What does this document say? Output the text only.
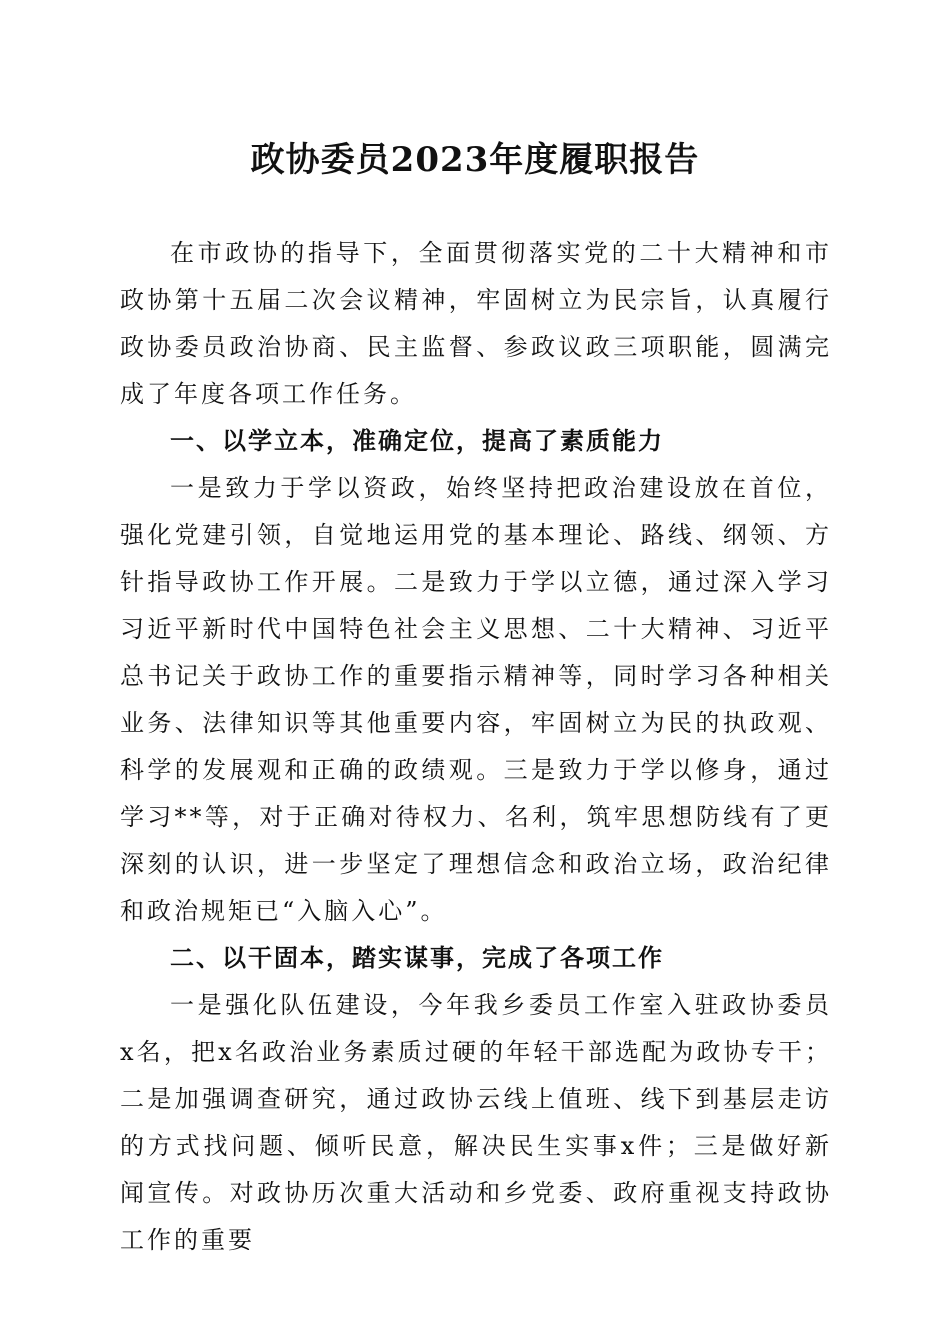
政协委员2023年度履职报告

在市政协的指导下，全面贯彻落实党的二十大精神和市政协第十五届二次会议精神，牢固树立为民宗旨，认真履行政协委员政治协商、民主监督、参政议政三项职能，圆满完成了年度各项工作任务。

一、以学立本，准确定位，提高了素质能力

一是致力于学以资政，始终坚持把政治建设放在首位，强化党建引领，自觉地运用党的基本理论、路线、纲领、方针指导政协工作开展。二是致力于学以立德，通过深入学习习近平新时代中国特色社会主义思想、二十大精神、习近平总书记关于政协工作的重要指示精神等，同时学习各种相关业务、法律知识等其他重要内容，牢固树立为民的执政观、科学的发展观和正确的政绩观。三是致力于学以修身，通过学习**等，对于正确对待权力、名利，筑牢思想防线有了更深刻的认识，进一步坚定了理想信念和政治立场，政治纪律和政治规矩已“入脑入心”。

二、以干固本，踏实谋事，完成了各项工作

一是强化队伍建设，今年我乡委员工作室入驻政协委员x名，把x名政治业务素质过硬的年轻干部选配为政协专干；二是加强调查研究，通过政协云线上值班、线下到基层走访的方式找问题、倾听民意，解决民生实事x件；三是做好新闻宣传。对政协历次重大活动和乡党委、政府重视支持政协工作的重要
